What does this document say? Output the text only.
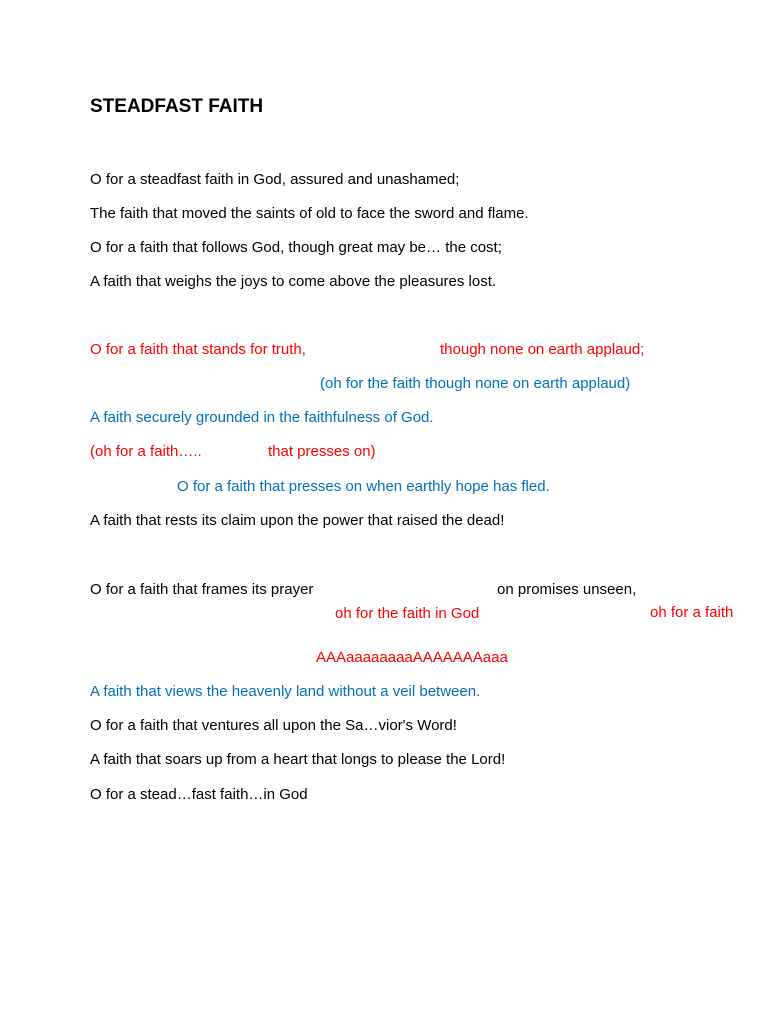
STEADFAST FAITH
O for a steadfast faith in God, assured and unashamed;
The faith that moved the saints of old to face the sword and flame.
O for a faith that follows God, though great may be… the cost;
A faith that weighs the joys to come above the pleasures lost.
O for a faith that stands for truth,	though none on earth applaud;
(oh for the faith though none on earth applaud)
A faith securely grounded in the faithfulness of God.
(oh for a faith…..	that presses on)
O for a faith that presses on when earthly hope has fled.
A faith that rests its claim upon the power that raised the dead!
O for a faith that frames its prayer	on promises unseen,
oh for the faith in God	oh for a faith
AAAaaaaaaaaAAAAAAAaaa
A faith that views the heavenly land without a veil between.
O for a faith that ventures all upon the Sa…vior's Word!
A faith that soars up from a heart that longs to please the Lord!
O for a stead…fast faith…in God
